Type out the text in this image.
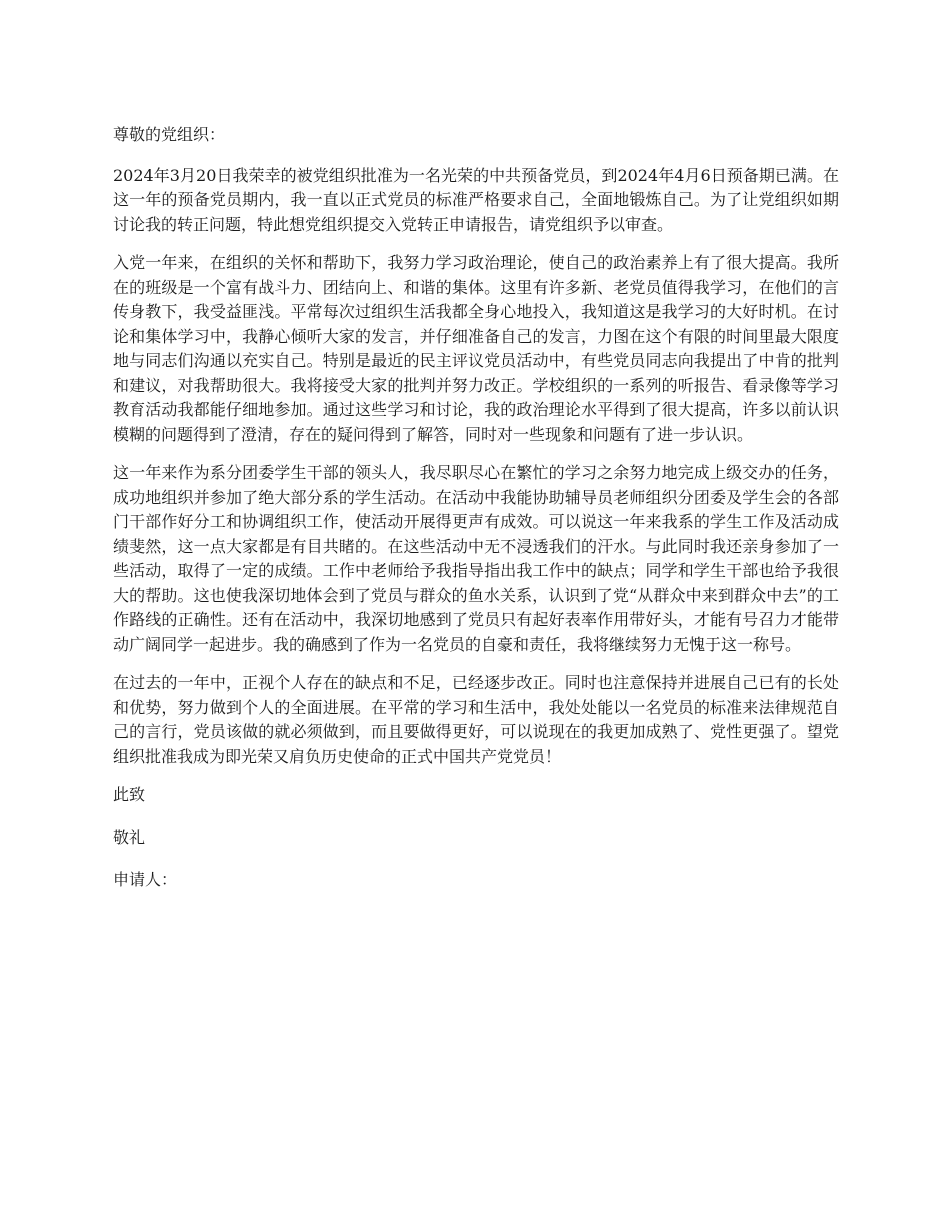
尊敬的党组织：

2024年3月20日我荣幸的被党组织批准为一名光荣的中共预备党员，到2024年4月6日预备期已满。在这一年的预备党员期内，我一直以正式党员的标准严格要求自己，全面地锻炼自己。为了让党组织如期讨论我的转正问题，特此想党组织提交入党转正申请报告，请党组织予以审查。

入党一年来，在组织的关怀和帮助下，我努力学习政治理论，使自己的政治素养上有了很大提高。我所在的班级是一个富有战斗力、团结向上、和谐的集体。这里有许多新、老党员值得我学习，在他们的言传身教下，我受益匪浅。平常每次过组织生活我都全身心地投入，我知道这是我学习的大好时机。在讨论和集体学习中，我静心倾听大家的发言，并仔细准备自己的发言，力图在这个有限的时间里最大限度地与同志们沟通以充实自己。特别是最近的民主评议党员活动中，有些党员同志向我提出了中肯的批判和建议，对我帮助很大。我将接受大家的批判并努力改正。学校组织的一系列的听报告、看录像等学习教育活动我都能仔细地参加。通过这些学习和讨论，我的政治理论水平得到了很大提高，许多以前认识模糊的问题得到了澄清，存在的疑问得到了解答，同时对一些现象和问题有了进一步认识。

这一年来作为系分团委学生干部的领头人，我尽职尽心在繁忙的学习之余努力地完成上级交办的任务，成功地组织并参加了绝大部分系的学生活动。在活动中我能协助辅导员老师组织分团委及学生会的各部门干部作好分工和协调组织工作，使活动开展得更声有成效。可以说这一年来我系的学生工作及活动成绩斐然，这一点大家都是有目共睹的。在这些活动中无不浸透我们的汗水。与此同时我还亲身参加了一些活动，取得了一定的成绩。工作中老师给予我指导指出我工作中的缺点；同学和学生干部也给予我很大的帮助。这也使我深切地体会到了党员与群众的鱼水关系，认识到了党“从群众中来到群众中去”的工作路线的正确性。还有在活动中，我深切地感到了党员只有起好表率作用带好头，才能有号召力才能带动广阔同学一起进步。我的确感到了作为一名党员的自豪和责任，我将继续努力无愧于这一称号。

在过去的一年中，正视个人存在的缺点和不足，已经逐步改正。同时也注意保持并进展自己已有的长处和优势，努力做到个人的全面进展。在平常的学习和生活中，我处处能以一名党员的标准来法律规范自己的言行，党员该做的就必须做到，而且要做得更好，可以说现在的我更加成熟了、党性更强了。望党组织批准我成为即光荣又肩负历史使命的正式中国共产党党员！

此致

敬礼

申请人：
